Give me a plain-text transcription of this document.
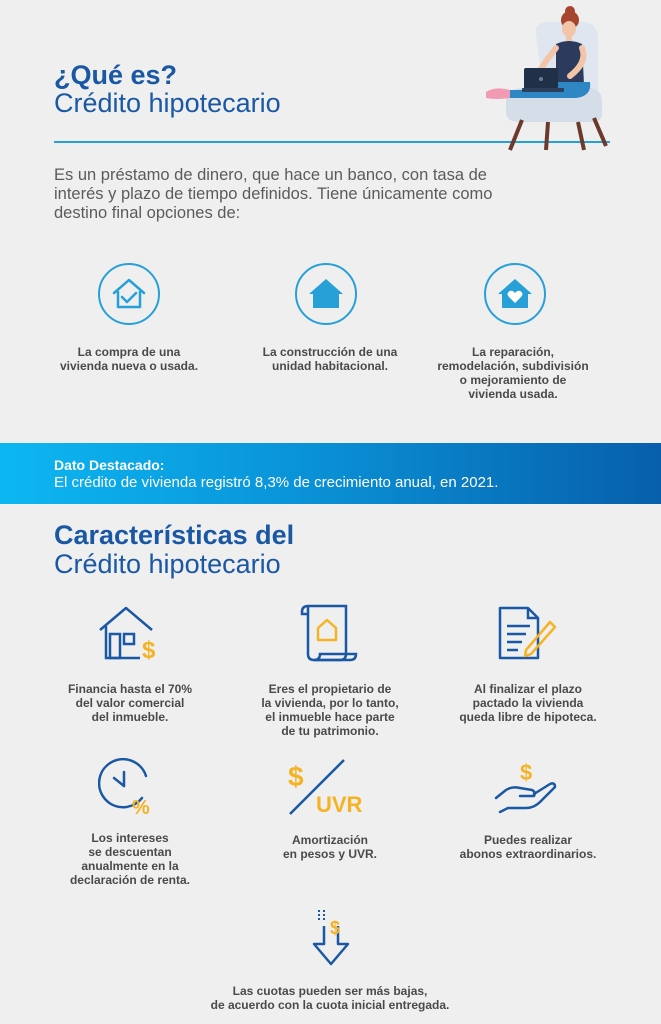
¿Qué es?
Crédito hipotecario
Es un préstamo de dinero, que hace un banco, con tasa de
interés y plazo de tiempo definidos. Tiene únicamente como
destino final opciones de:
La compra de una
vivienda nueva o usada.
La construcción de una
unidad habitacional.
La reparación,
remodelación, subdivisión
o mejoramiento de
vivienda usada.
Dato Destacado:
El crédito de vivienda registró 8,3% de crecimiento anual, en 2021.
Características del
Crédito hipotecario
$
Financia hasta el 70%
del valor comercial
del inmueble.
Eres el propietario de
la vivienda, por lo tanto,
el inmueble hace parte
de tu patrimonio.
Al finalizar el plazo
pactado la vivienda
queda libre de hipoteca.
%
Los intereses
se descuentan
anualmente en la
declaración de renta.
$
UVR
Amortización
en pesos y UVR.
$
Puedes realizar
abonos extraordinarios.
$
Las cuotas pueden ser más bajas,
de acuerdo con la cuota inicial entregada.
